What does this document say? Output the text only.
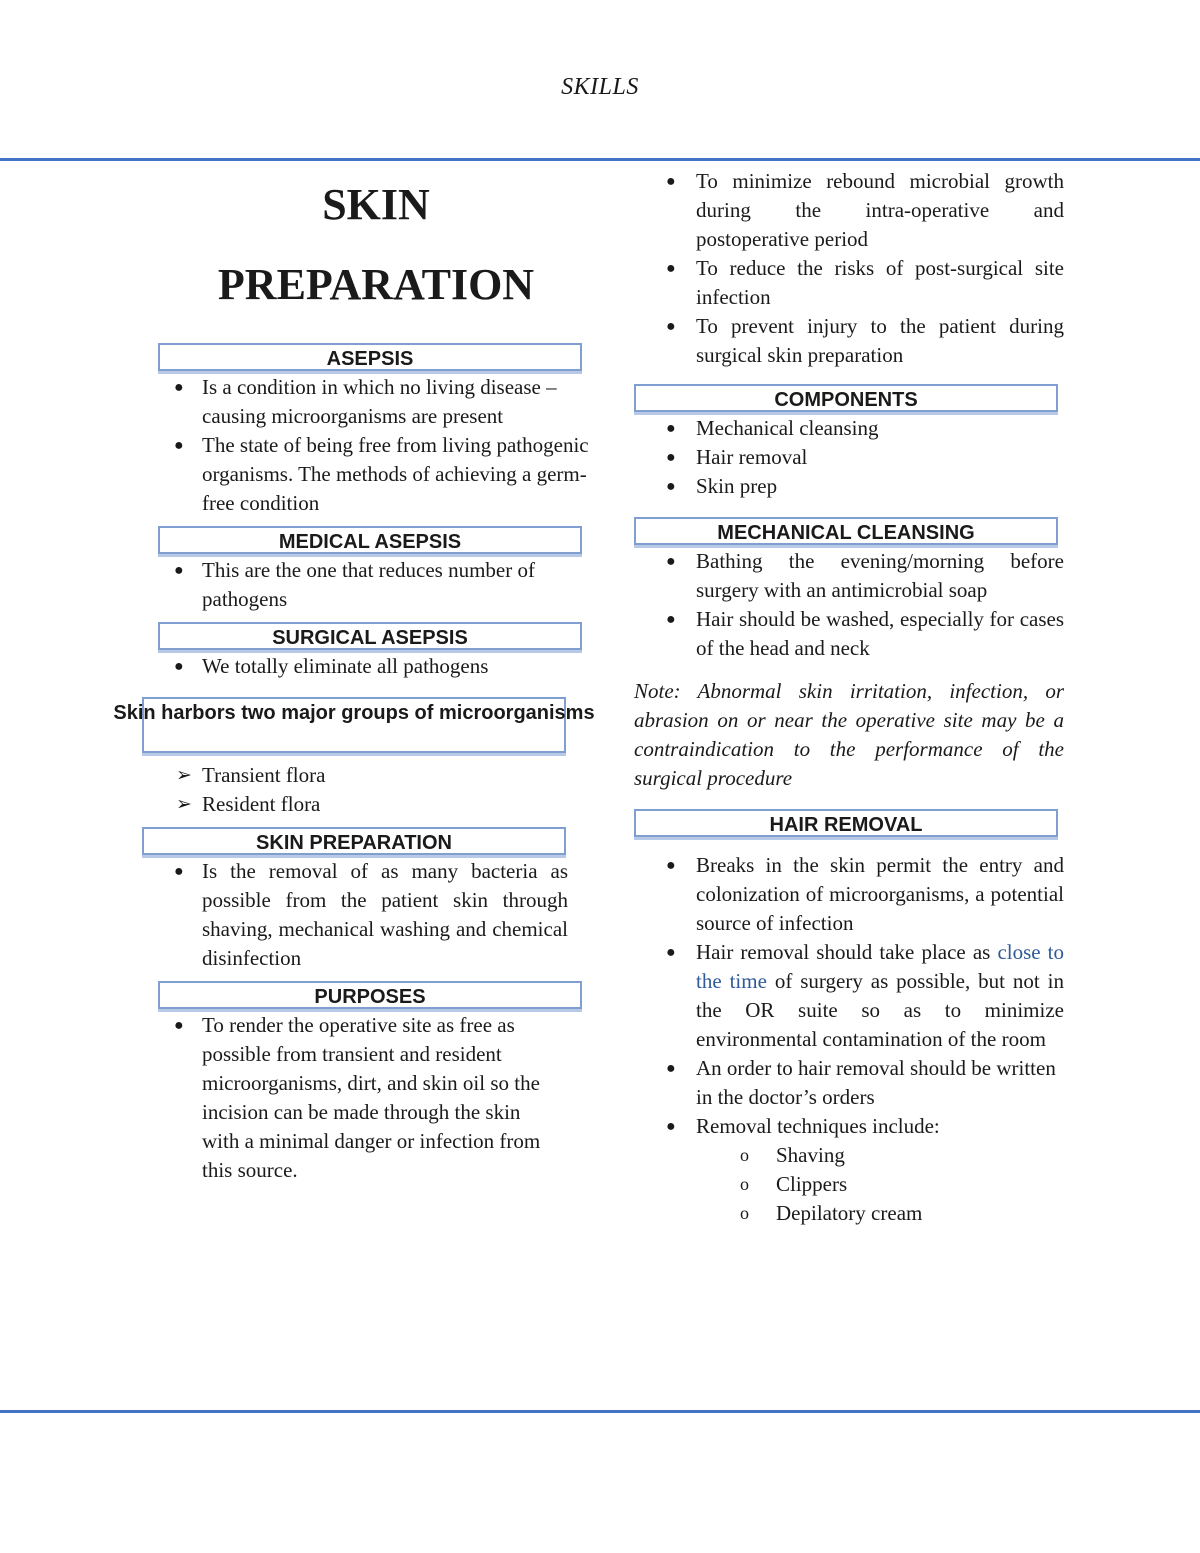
SKILLS
SKIN
PREPARATION
ASEPSIS
● Is a condition in which no living disease – causing microorganisms are present
● The state of being free from living pathogenic organisms. The methods of achieving a germ-free condition
MEDICAL ASEPSIS
● This are the one that reduces number of pathogens
SURGICAL ASEPSIS
● We totally eliminate all pathogens
Skin harbors two major groups of microorganisms
➢ Transient flora
➢ Resident flora
SKIN PREPARATION
● Is the removal of as many bacteria as possible from the patient skin through shaving, mechanical washing and chemical disinfection
PURPOSES
● To render the operative site as free as possible from transient and resident microorganisms, dirt, and skin oil so the incision can be made through the skin with a minimal danger or infection from this source.
● To minimize rebound microbial growth during the intra-operative and postoperative period
● To reduce the risks of post-surgical site infection
● To prevent injury to the patient during surgical skin preparation
COMPONENTS
● Mechanical cleansing
● Hair removal
● Skin prep
MECHANICAL CLEANSING
● Bathing the evening/morning before surgery with an antimicrobial soap
● Hair should be washed, especially for cases of the head and neck
Note: Abnormal skin irritation, infection, or abrasion on or near the operative site may be a contraindication to the performance of the surgical procedure
HAIR REMOVAL
● Breaks in the skin permit the entry and colonization of microorganisms, a potential source of infection
● Hair removal should take place as close to the time of surgery as possible, but not in the OR suite so as to minimize environmental contamination of the room
● An order to hair removal should be written in the doctor’s orders
● Removal techniques include:
o Shaving
o Clippers
o Depilatory cream
